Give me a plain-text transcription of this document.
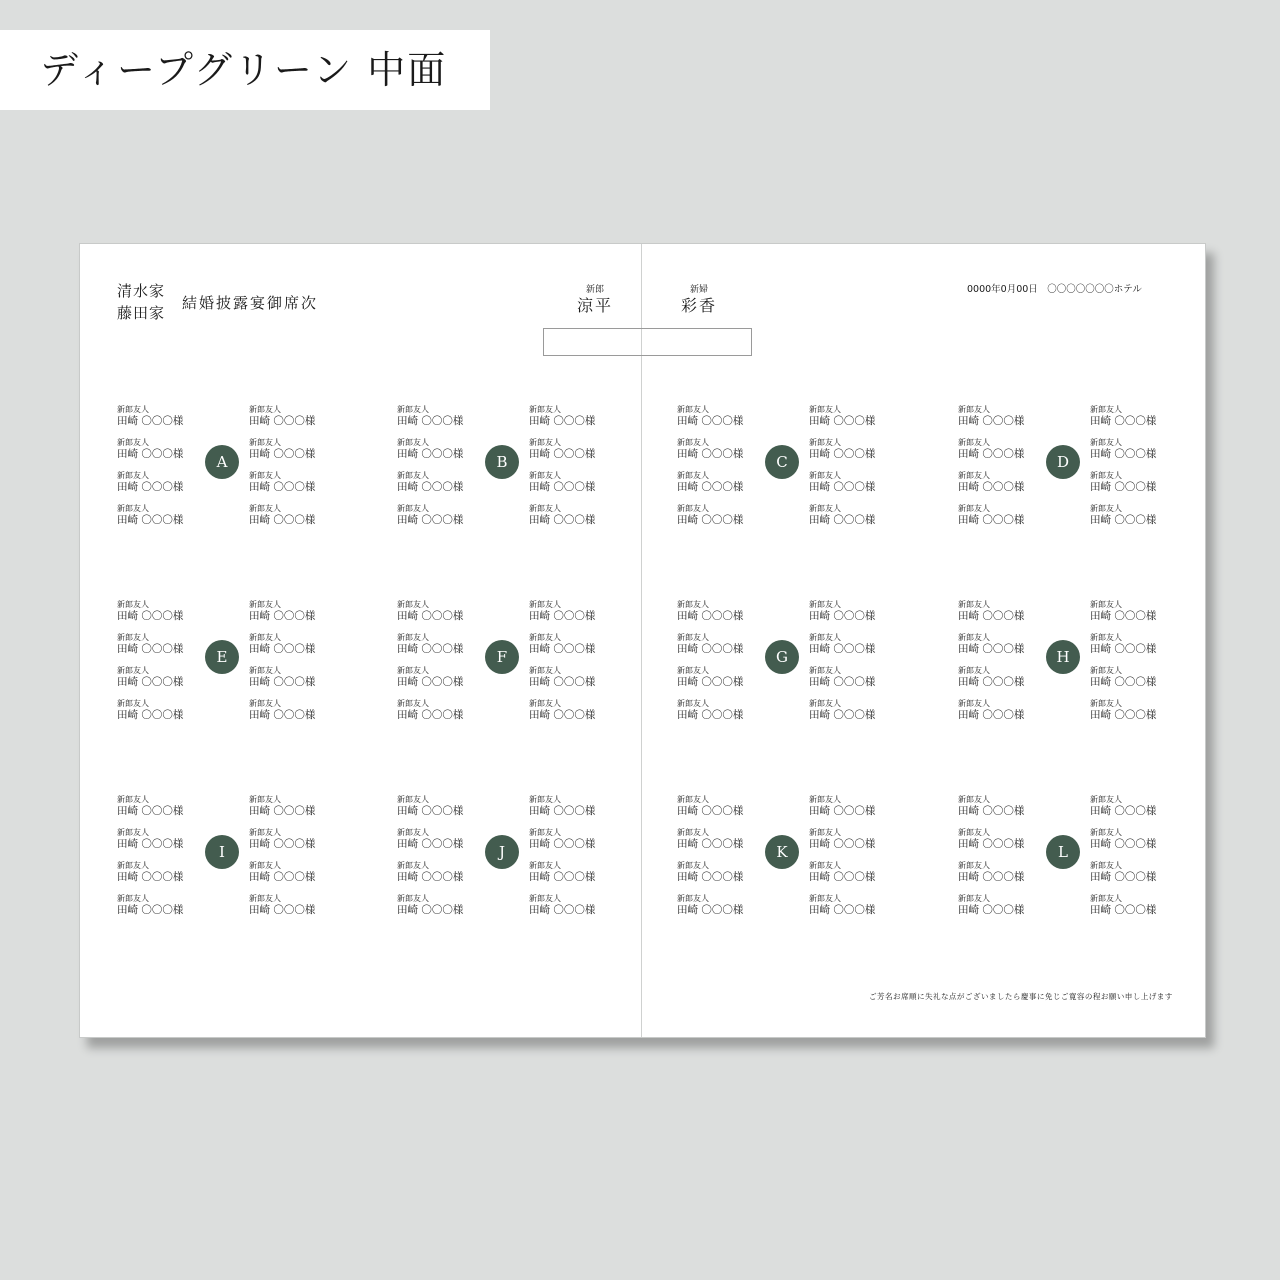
ディープグリーン 中面
清水家
藤田家
結婚披露宴御席次
新郎
涼平
新婦
彩香
0000年0月00日　〇〇〇〇〇〇〇ホテル
新郎友人
田崎 〇〇〇様
新郎友人
田崎 〇〇〇様
新郎友人
田崎 〇〇〇様
新郎友人
田崎 〇〇〇様
新郎友人
田崎 〇〇〇様
新郎友人
田崎 〇〇〇様
新郎友人
田崎 〇〇〇様
新郎友人
田崎 〇〇〇様
A
新郎友人
田崎 〇〇〇様
新郎友人
田崎 〇〇〇様
新郎友人
田崎 〇〇〇様
新郎友人
田崎 〇〇〇様
新郎友人
田崎 〇〇〇様
新郎友人
田崎 〇〇〇様
新郎友人
田崎 〇〇〇様
新郎友人
田崎 〇〇〇様
B
新郎友人
田崎 〇〇〇様
新郎友人
田崎 〇〇〇様
新郎友人
田崎 〇〇〇様
新郎友人
田崎 〇〇〇様
新郎友人
田崎 〇〇〇様
新郎友人
田崎 〇〇〇様
新郎友人
田崎 〇〇〇様
新郎友人
田崎 〇〇〇様
C
新郎友人
田崎 〇〇〇様
新郎友人
田崎 〇〇〇様
新郎友人
田崎 〇〇〇様
新郎友人
田崎 〇〇〇様
新郎友人
田崎 〇〇〇様
新郎友人
田崎 〇〇〇様
新郎友人
田崎 〇〇〇様
新郎友人
田崎 〇〇〇様
D
新郎友人
田崎 〇〇〇様
新郎友人
田崎 〇〇〇様
新郎友人
田崎 〇〇〇様
新郎友人
田崎 〇〇〇様
新郎友人
田崎 〇〇〇様
新郎友人
田崎 〇〇〇様
新郎友人
田崎 〇〇〇様
新郎友人
田崎 〇〇〇様
E
新郎友人
田崎 〇〇〇様
新郎友人
田崎 〇〇〇様
新郎友人
田崎 〇〇〇様
新郎友人
田崎 〇〇〇様
新郎友人
田崎 〇〇〇様
新郎友人
田崎 〇〇〇様
新郎友人
田崎 〇〇〇様
新郎友人
田崎 〇〇〇様
F
新郎友人
田崎 〇〇〇様
新郎友人
田崎 〇〇〇様
新郎友人
田崎 〇〇〇様
新郎友人
田崎 〇〇〇様
新郎友人
田崎 〇〇〇様
新郎友人
田崎 〇〇〇様
新郎友人
田崎 〇〇〇様
新郎友人
田崎 〇〇〇様
G
新郎友人
田崎 〇〇〇様
新郎友人
田崎 〇〇〇様
新郎友人
田崎 〇〇〇様
新郎友人
田崎 〇〇〇様
新郎友人
田崎 〇〇〇様
新郎友人
田崎 〇〇〇様
新郎友人
田崎 〇〇〇様
新郎友人
田崎 〇〇〇様
H
新郎友人
田崎 〇〇〇様
新郎友人
田崎 〇〇〇様
新郎友人
田崎 〇〇〇様
新郎友人
田崎 〇〇〇様
新郎友人
田崎 〇〇〇様
新郎友人
田崎 〇〇〇様
新郎友人
田崎 〇〇〇様
新郎友人
田崎 〇〇〇様
I
新郎友人
田崎 〇〇〇様
新郎友人
田崎 〇〇〇様
新郎友人
田崎 〇〇〇様
新郎友人
田崎 〇〇〇様
新郎友人
田崎 〇〇〇様
新郎友人
田崎 〇〇〇様
新郎友人
田崎 〇〇〇様
新郎友人
田崎 〇〇〇様
J
新郎友人
田崎 〇〇〇様
新郎友人
田崎 〇〇〇様
新郎友人
田崎 〇〇〇様
新郎友人
田崎 〇〇〇様
新郎友人
田崎 〇〇〇様
新郎友人
田崎 〇〇〇様
新郎友人
田崎 〇〇〇様
新郎友人
田崎 〇〇〇様
K
新郎友人
田崎 〇〇〇様
新郎友人
田崎 〇〇〇様
新郎友人
田崎 〇〇〇様
新郎友人
田崎 〇〇〇様
新郎友人
田崎 〇〇〇様
新郎友人
田崎 〇〇〇様
新郎友人
田崎 〇〇〇様
新郎友人
田崎 〇〇〇様
L
ご芳名お席順に失礼な点がございましたら慶事に免じご寛容の程お願い申し上げます
